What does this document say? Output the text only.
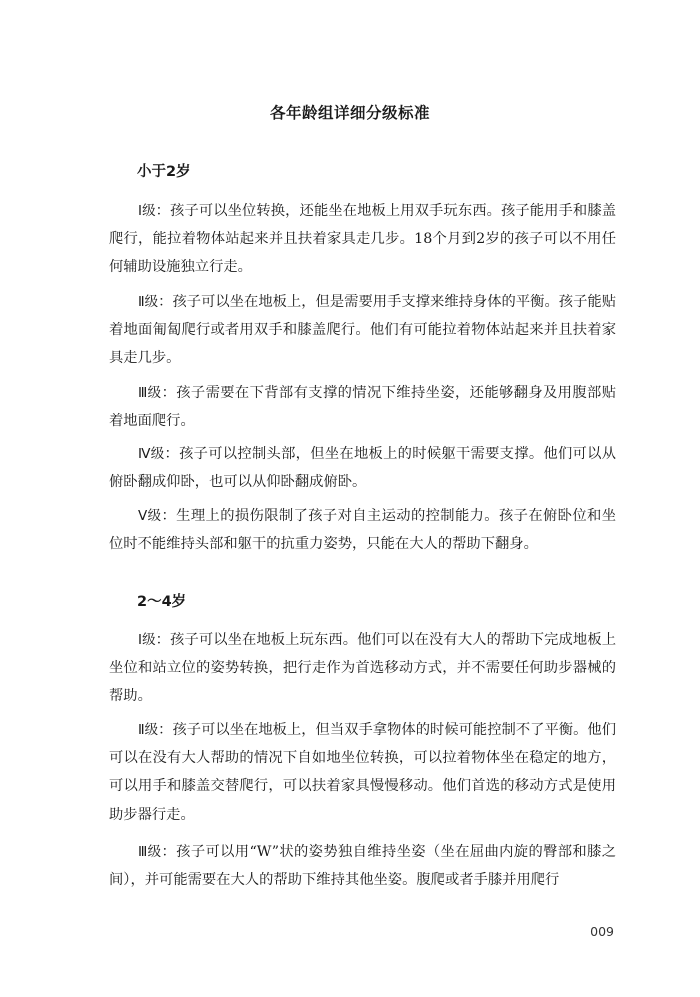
各年龄组详细分级标准
小于2岁

Ⅰ级：孩子可以坐位转换，还能坐在地板上用双手玩东西。孩子能用手和膝盖爬行，能拉着物体站起来并且扶着家具走几步。18个月到2岁的孩子可以不用任何辅助设施独立行走。

Ⅱ级：孩子可以坐在地板上，但是需要用手支撑来维持身体的平衡。孩子能贴着地面匍匐爬行或者用双手和膝盖爬行。他们有可能拉着物体站起来并且扶着家具走几步。

Ⅲ级：孩子需要在下背部有支撑的情况下维持坐姿，还能够翻身及用腹部贴着地面爬行。

Ⅳ级：孩子可以控制头部，但坐在地板上的时候躯干需要支撑。他们可以从俯卧翻成仰卧，也可以从仰卧翻成俯卧。

Ⅴ级：生理上的损伤限制了孩子对自主运动的控制能力。孩子在俯卧位和坐位时不能维持头部和躯干的抗重力姿势，只能在大人的帮助下翻身。

2～4岁

Ⅰ级：孩子可以坐在地板上玩东西。他们可以在没有大人的帮助下完成地板上坐位和站立位的姿势转换，把行走作为首选移动方式，并不需要任何助步器械的帮助。

Ⅱ级：孩子可以坐在地板上，但当双手拿物体的时候可能控制不了平衡。他们可以在没有大人帮助的情况下自如地坐位转换，可以拉着物体坐在稳定的地方，可以用手和膝盖交替爬行，可以扶着家具慢慢移动。他们首选的移动方式是使用助步器行走。

Ⅲ级：孩子可以用“W”状的姿势独自维持坐姿（坐在屈曲内旋的臀部和膝之间），并可能需要在大人的帮助下维持其他坐姿。腹爬或者手膝并用爬行

009
